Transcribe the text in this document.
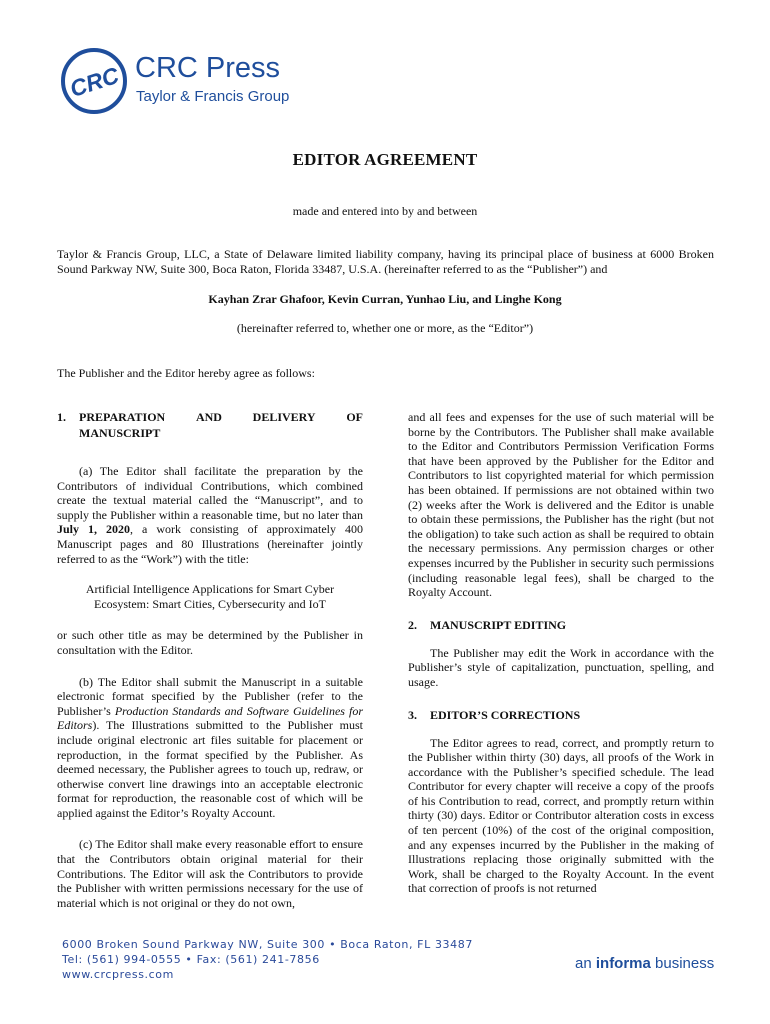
CRC CRC Press
Taylor & Francis Group
EDITOR AGREEMENT
made and entered into by and between
Taylor & Francis Group, LLC, a State of Delaware limited liability company, having its principal place of business at 6000 Broken Sound Parkway NW, Suite 300, Boca Raton, Florida 33487, U.S.A. (hereinafter referred to as the “Publisher”) and
Kayhan Zrar Ghafoor, Kevin Curran, Yunhao Liu, and Linghe Kong
(hereinafter referred to, whether one or more, as the “Editor”)
The Publisher and the Editor hereby agree as follows:
1.	PREPARATION	AND	DELIVERY	OF
MANUSCRIPT
(a) The Editor shall facilitate the preparation by the Contributors of individual Contributions, which combined create the textual material called the “Manuscript”, and to supply the Publisher within a reasonable time, but no later than July 1, 2020, a work consisting of approximately 400 Manuscript pages and 80 Illustrations (hereinafter jointly referred to as the “Work”) with the title:
Artificial Intelligence Applications for Smart Cyber
Ecosystem: Smart Cities, Cybersecurity and IoT
or such other title as may be determined by the Publisher in consultation with the Editor.
(b) The Editor shall submit the Manuscript in a suitable electronic format specified by the Publisher (refer to the Publisher’s Production Standards and Software Guidelines for Editors). The Illustrations submitted to the Publisher must include original electronic art files suitable for placement or reproduction, in the format specified by the Publisher. As deemed necessary, the Publisher agrees to touch up, redraw, or otherwise convert line drawings into an acceptable electronic format for reproduction, the reasonable cost of which will be applied against the Editor’s Royalty Account.
(c) The Editor shall make every reasonable effort to ensure that the Contributors obtain original material for their Contributions. The Editor will ask the Contributors to provide the Publisher with written permissions necessary for the use of material which is not original or they do not own,
and all fees and expenses for the use of such material will be borne by the Contributors. The Publisher shall make available to the Editor and Contributors Permission Verification Forms that have been approved by the Publisher for the Editor and Contributors to list copyrighted material for which permission has been obtained. If permissions are not obtained within two (2) weeks after the Work is delivered and the Editor is unable to obtain these permissions, the Publisher has the right (but not the obligation) to take such action as shall be required to obtain the necessary permissions. Any permission charges or other expenses incurred by the Publisher in security such permissions (including reasonable legal fees), shall be charged to the Royalty Account.
2.	MANUSCRIPT EDITING
The Publisher may edit the Work in accordance with the Publisher’s style of capitalization, punctuation, spelling, and usage.
3.	EDITOR’S CORRECTIONS
The Editor agrees to read, correct, and promptly return to the Publisher within thirty (30) days, all proofs of the Work in accordance with the Publisher’s specified schedule. The lead Contributor for every chapter will receive a copy of the proofs of his Contribution to read, correct, and promptly return within thirty (30) days. Editor or Contributor alteration costs in excess of ten percent (10%) of the cost of the original composition, and any expenses incurred by the Publisher in the making of Illustrations replacing those originally submitted with the Work, shall be charged to the Royalty Account. In the event that correction of proofs is not returned
6000 Broken Sound Parkway NW, Suite 300 • Boca Raton, FL 33487
Tel: (561) 994-0555 • Fax: (561) 241-7856
www.crcpress.com
an informa business
